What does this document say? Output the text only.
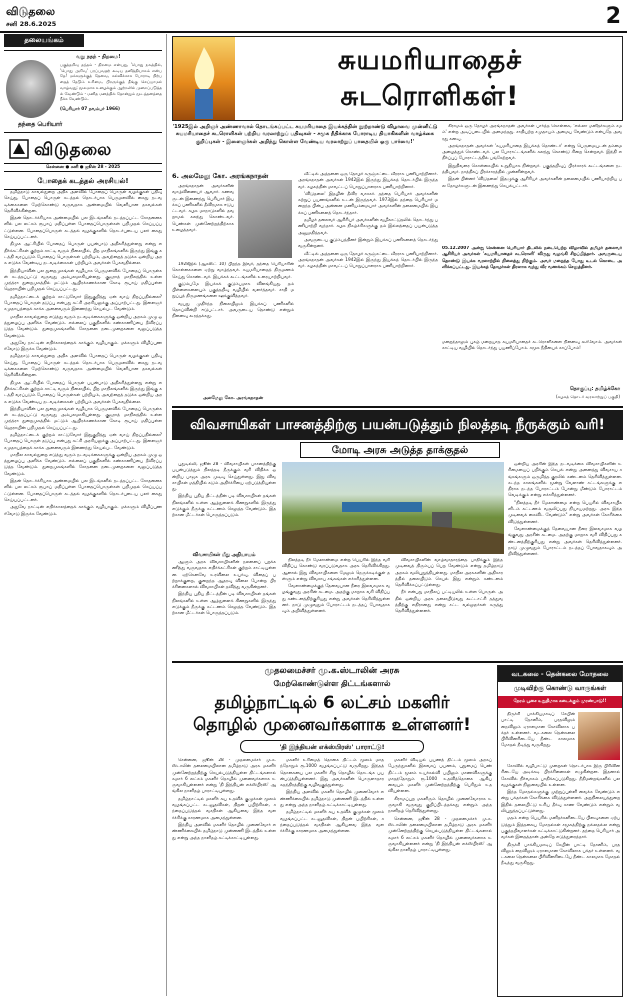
விடுதலை
சனி 28.6.2025	2
தலையங்கம்
வறு நதந் - திறமை!
பகுத்தறிவு தந்தம் - திறமை என்பது, 'பொது நலத்தில், 'பொது அறிவு' பரப்புவதற் கூடிய தனித்தியாகம் என்பதே! மக்களுக்குத் தேவை, கல்விக்காக போராடி நிற்பதைத் தேடும் உரிமை, பிறருக்குத் தீங்கு செய்யாமல் வாழ்வது; மூலமாக உழைக்கும் ஆற்றலில் முறைப்படுத்தல் வேண்டும் - மனித மனத்தில் தோன்றும் மூடத்தனத்தை நீக்க வேண்டும்.
(பெரியார் 07 நவம்பர் 1966)
தந்தை பெரியார்
விடுதலை
சென்னை ● சனி ● ஜூன் 28 - 2025
போதைக் கடத்தல் அரசியல்!

தமிழ்நாடு காவல்துறை அதிக அளவில் போதைப் பொருள் வழக்குகள் பதிவு செய்து, போதைப் பொருள் கடத்தல் தொடர்பாக பெருமளவில் கைது நடவடிக்கைகளை மேற்கொண்டு வருவதாக அண்மையில் வெளியான தகவல்கள் தெரிவிக்கின்றன.

இதன் தொடர்ச்சியாக அண்மையில் பல இடங்களில் நடத்தப்பட்ட சோதனைகளில் பல லட்சம் ரூபாய் மதிப்புள்ள போதைப்பொருள்கள் பறிமுதல் செய்யப்பட்டுள்ளன. போதைப்பொருள் கடத்தல் வழக்குகளில் தொடர்புடைய பலர் கைது செய்யப்பட்டனர்.

திமுக ஆட்சியில் போதைப் பொருள் பயன்பாடு அதிகரித்துள்ளது என்று எதிர்க்கட்சிகள் குற்றம் சாட்டி வரும் நிலையில், பிற மாநிலங்களில் இருந்து இங்கு கடத்தி வரப்படும் போதைப் பொருள்கள் பற்றியும், அவற்றைத் தடுக்க ஒன்றிய அரசு எடுக்க வேண்டிய நடவடிக்கைகள் பற்றியும் அவர்கள் பேசுவதில்லை.

இந்தியாவின் பல துறைமுகங்கள் வழியாக பெருமளவில் போதைப் பொருள்கள் கடத்தப்பட்டு வருவது அம்பலமாகியுள்ளது. குஜராத் மாநிலத்தில் உள்ள முந்த்ரா துறைமுகத்தில் மட்டும் ஆயிரக்கணக்கான கோடி ரூபாய் மதிப்புள்ள ஹெராயின் பறிமுதல் செய்யப்பட்டது.

தமிழ்நாட்டைக் குற்றம் சாட்டுவோர் இதுகுறித்து ஏன் வாய் திறப்பதில்லை? போதைப் பொருள் தடுப்பு என்பது கட்சி அரசியலுக்கு அப்பாற்பட்டது. இளைஞர் சமுதாயத்தைக் காக்க அனைவரும் இணைந்து செயல்பட வேண்டும்.

மாநில காவல்துறை எடுத்து வரும் நடவடிக்கைகளுக்கு ஒன்றிய அரசும் முழு ஒத்துழைப்பு அளிக்க வேண்டும். எல்லைப் பகுதிகளில் கண்காணிப்பை தீவிரப்படுத்த வேண்டும். துறைமுகங்களில் சோதனை நடைமுறைகளை வலுப்படுத்த வேண்டும்.

அதுவே நாட்டின் எதிர்காலத்தைக் காக்கும் வழியாகும். மக்களும் விழிப்புணர்வோடு இருக்க வேண்டும்.

தமிழ்நாடு காவல்துறை அதிக அளவில் போதைப் பொருள் வழக்குகள் பதிவு செய்து, போதைப் பொருள் கடத்தல் தொடர்பாக பெருமளவில் கைது நடவடிக்கைகளை மேற்கொண்டு வருவதாக அண்மையில் வெளியான தகவல்கள் தெரிவிக்கின்றன.

திமுக ஆட்சியில் போதைப் பொருள் பயன்பாடு அதிகரித்துள்ளது என்று எதிர்க்கட்சிகள் குற்றம் சாட்டி வரும் நிலையில், பிற மாநிலங்களில் இருந்து இங்கு கடத்தி வரப்படும் போதைப் பொருள்கள் பற்றியும், அவற்றைத் தடுக்க ஒன்றிய அரசு எடுக்க வேண்டிய நடவடிக்கைகள் பற்றியும் அவர்கள் பேசுவதில்லை.

இந்தியாவின் பல துறைமுகங்கள் வழியாக பெருமளவில் போதைப் பொருள்கள் கடத்தப்பட்டு வருவது அம்பலமாகியுள்ளது. குஜராத் மாநிலத்தில் உள்ள முந்த்ரா துறைமுகத்தில் மட்டும் ஆயிரக்கணக்கான கோடி ரூபாய் மதிப்புள்ள ஹெராயின் பறிமுதல் செய்யப்பட்டது.

தமிழ்நாட்டைக் குற்றம் சாட்டுவோர் இதுகுறித்து ஏன் வாய் திறப்பதில்லை? போதைப் பொருள் தடுப்பு என்பது கட்சி அரசியலுக்கு அப்பாற்பட்டது. இளைஞர் சமுதாயத்தைக் காக்க அனைவரும் இணைந்து செயல்பட வேண்டும்.

மாநில காவல்துறை எடுத்து வரும் நடவடிக்கைகளுக்கு ஒன்றிய அரசும் முழு ஒத்துழைப்பு அளிக்க வேண்டும். எல்லைப் பகுதிகளில் கண்காணிப்பை தீவிரப்படுத்த வேண்டும். துறைமுகங்களில் சோதனை நடைமுறைகளை வலுப்படுத்த வேண்டும்.

இதன் தொடர்ச்சியாக அண்மையில் பல இடங்களில் நடத்தப்பட்ட சோதனைகளில் பல லட்சம் ரூபாய் மதிப்புள்ள போதைப்பொருள்கள் பறிமுதல் செய்யப்பட்டுள்ளன. போதைப்பொருள் கடத்தல் வழக்குகளில் தொடர்புடைய பலர் கைது செய்யப்பட்டனர்.

அதுவே நாட்டின் எதிர்காலத்தைக் காக்கும் வழியாகும். மக்களும் விழிப்புணர்வோடு இருக்க வேண்டும்.

சுயமரியாதைச்
சுடரொளிகள்!
'1925இல் அறிஞர் அண்ணாவால் தொடங்கப்பட்ட சுயமரியாதை இயக்கத்தின் நூற்றாண்டு விழாவை முன்னிட்டு சுயமரியாதைச் சுடரொளிகள் பற்றிய வரலாற்றுப் பதிவுகள் - சமூக நீதிக்காக போராடிய தியாகிகளின் வாழ்க்கை குறிப்புகள் - இளைஞர்கள் அறிந்து கொள்ள வேண்டிய வரலாற்றுப் பாதையில் ஒரு பார்வை!'
6. அலமேலு கோ. அரங்கநாதன்

அரங்கநாதன் அவர்களின் வாழ்விணையர் ஆவார். கணவருடன் இணைந்து பெரியார் இயக்கப் பணிகளில் தீவிரமாக ஈடுபட்டவர். கழக மாநாடுகளில் தவறாமல் கலந்து கொண்டவர். பெண்கள் முன்னேற்றத்திற்காக உழைத்தவர்.

1928இல் (ஆகஸ்ட் 10) பிறந்த இவர், தந்தை பெரியாரின் கொள்கைகளை ஏற்று வாழ்ந்தவர். சுயமரியாதைத் திருமணம் செய்து கொண்டவர். இயக்கக் கூட்டங்களில் உரையாற்றியவர்.

குடும்பமே இயக்கக் குடும்பமாக விளங்கியது. தம் பிள்ளைகளையும் பகுத்தறிவு வழியில் வளர்த்தவர். சாதி மறுப்புத் திருமணங்களை ஊக்குவித்தவர்.

வயது முதிர்ந்த நிலையிலும் இயக்கப் பணிகளில் தொய்வின்றி ஈடுபட்டார். அவருடைய தொண்டு என்றும் நினைவு கூரத்தக்கது.

அலமேலு கோ. அரங்கநாதன்

வீட்டில் அத்தனை ஒரு தோழர் கருஞ்சட்டை வீரராக பணியாற்றினார். அரங்கநாதன் அவர்கள் 1942இல் இருந்து இயக்கத் தொடர்பில் இருந்தவர். கழகத்தின் மாவட்டப் பொறுப்பாளராக பணியாற்றினார்.

'விடுதலை' இதழின் தீவிர வாசகர். தந்தை பெரியார் அவர்களின் சுற்றுப் பயணங்களில் உடன் இருந்தவர். 1973இல் தந்தை பெரியார் மறைந்த பின்பு அன்னை மணியம்மையார் அவர்களின் தலைமையில் இயக்கப் பணிகளைத் தொடர்ந்தார்.

தமிழர் தலைவர் ஆசிரியர் அவர்களின் வழிகாட்டுதலில் தொடர்ந்து பணியாற்றி வந்தார். கழக நிகழ்ச்சிகளுக்கு தம் இல்லத்தைப் பயன்படுத்த அனுமதித்தவர்.

அவருடைய குடும்பத்தினர் இன்றும் இயக்கப் பணிகளைத் தொடர்ந்து வருகின்றனர்.

வீட்டில் அத்தனை ஒரு தோழர் கருஞ்சட்டை வீரராக பணியாற்றினார். அரங்கநாதன் அவர்கள் 1942இல் இருந்து இயக்கத் தொடர்பில் இருந்தவர். கழகத்தின் மாவட்டப் பொறுப்பாளராக பணியாற்றினார்.

கிராமம் ஒரு தோழர் அரங்கநாதன் அவர்கள் பார்த்த கொள்கை, 'எல்லா மனிதர்களும் சமம்' என்ற அடிப்படையில் அமைந்தது. சாதியற்ற சமுதாயம் அமைய வேண்டும் என்பதே அவரது கனவு.

அரங்கநாதன் அவர்கள் 'சுயமரியாதை இயக்கத் தொண்டர்' என்று பெருமையுடன் தம்மை அழைத்துக் கொண்டவர். பல போராட்டங்களில் கலந்து கொண்டு சிறை சென்றவர். இந்தி எதிர்ப்புப் போராட்டத்தில் பங்கேற்றவர்.

இறுதிவரை கொள்கையில் உறுதியாக நின்றவர். பகுத்தறிவுப் பிரச்சாரக் கூட்டங்களை நடத்தியவர். நாத்திகப் பிரச்சாரத்தில் முன்னின்றவர்.

இதன் பின்னர் 'விடுதலை' இதழுக்கு ஆசிரியர் அவர்களின் தலைமையில் பணியாற்றிய பல தோழர்களுடன் இணைந்து செயல்பட்டார்.

05.12.2007 அன்று சென்னை பெரியார் திடலில் நடைபெற்ற விழாவில் தமிழர் தலைவர் ஆசிரியர் அவர்கள் 'சுயமரியாதைச் சுடரொளி' விருது வழங்கி சிறப்பித்தார். அவருடைய தொண்டு இயக்க வரலாற்றில் நிலைத்து நிற்கும். அவர் மறைந்த போது உடல் கொடை அளிக்கப்பட்டது. இயக்கத் தோழர்கள் திரளாக வந்து வீர வணக்கம் செலுத்தினர்.
மறைந்தாலும் புகழ் மறையாத சுயமரியாதைச் சுடரொளிகளை நினைவு கூர்வோம். அவர்கள் காட்டிய வழியில் தொடர்ந்து பயணிப்போம். சமூக நீதியைக் காப்போம்!
தொகுப்பு: தமிழ்க்கோ
(கழகத் தொடர் வரலாற்றுப் பகுதி)
விவசாயிகள் பாசனத்திற்கு பயன்படுத்தும் நிலத்தடி நீருக்கும் வரி!
மோடி அரசு அடுத்த தாக்குதல்

புதுடில்லி, ஜூன் 28 - விவசாயிகள் பாசனத்திற்கு பயன்படுத்தும் நிலத்தடி நீருக்கும் வரி விதிக்க ஒன்றிய பாஜக அரசு முடிவு செய்துள்ளது. இது விவசாயிகள் மத்தியில் கடும் அதிர்ச்சியை ஏற்படுத்தியுள்ளது.

இந்திய புதிய திட்டத்தின் படி விவசாயிகள் தங்கள் நிலங்களில் உள்ள ஆழ்துளைக் கிணறுகளில் இருந்து எடுக்கும் நீருக்கு கட்டணம் செலுத்த வேண்டும். இதற்கான மீட்டர்கள் பொருத்தப்படும்.

விவசாயிகள் மீது அநியாயம்

ஆளும் அரசு விவசாயிகளின் நலனைப் புறக்கணித்து வருவதாக எதிர்க்கட்சிகள் குற்றம் சாட்டியுள்ளன. ஏற்கெனவே உரவிலை உயர்வு, விதைப் பற்றாக்குறை, குறைந்த ஆதரவு விலை போன்ற பிரச்சினைகளால் விவசாயிகள் தவித்து வருகின்றனர்.

இந்திய புதிய திட்டத்தின் படி விவசாயிகள் தங்கள் நிலங்களில் உள்ள ஆழ்துளைக் கிணறுகளில் இருந்து எடுக்கும் நீருக்கு கட்டணம் செலுத்த வேண்டும். இதற்கான மீட்டர்கள் பொருத்தப்படும்.

நிலத்தடி நீர் மேலாண்மை என்ற பெயரில் இந்த வரி விதிப்பு கொண்டு வரப்படுவதாக அரசு தெரிவிக்கிறது. ஆனால் இது விவசாயிகளை மேலும் நெருக்கடிக்குள் தள்ளும் என்று விவசாய சங்கங்கள் எச்சரித்துள்ளன.

வேளாண்மைக்குத் தேவையான நீரை இலவசமாக வழங்குவது அரசின் கடமை. அதற்கு மாறாக வரி விதிப்பது கண்டனத்திற்குரியது என்று அவர்கள் தெரிவித்துள்ளனர். நாடு முழுவதும் போராட்டம் நடத்தப் போவதாகவும் அறிவித்துள்ளனர்.

விவசாயிகளின் வாழ்வாதாரத்தை பாதிக்கும் இந்த முடிவைத் திரும்பப் பெற வேண்டும் என்று தமிழ்நாடு அரசும் வலியுறுத்தியுள்ளது. மாநில அரசுகளின் அதிகாரத்தில் தலையிடும் செயல் இது என்றும் கண்டனம் தெரிவிக்கப்பட்டுள்ளது.

நீர் என்பது மாநிலப் பட்டியலில் உள்ள பொருள். அதில் ஒன்றிய அரசு தலையிடுவது கூட்டாட்சி தத்துவத்திற்கு எதிரானது என்று சட்ட வல்லுநர்கள் கருத்து தெரிவித்துள்ளனர்.

ஒன்றிய அரசின் இந்த நடவடிக்கை விவசாயிகளின் உரிமையைப் பறிக்கும் செயல் என்று அனைத்து விவசாய சங்கங்களும் ஒருமித்த குரலில் கண்டனம் தெரிவித்துள்ளன. கடந்த காலங்களில் மூன்று வேளாண் சட்டங்களுக்கு எதிராக நடந்த போராட்டம் போன்று மீண்டும் போராட்டம் வெடிக்கும் என்று எச்சரித்துள்ளனர்.

"நிலத்தடி நீர் மேலாண்மை என்ற பெயரில் விவசாயிகளிடம் கட்டணம் வசூலிப்பது நியாயமற்றது. அரசு இந்த முடிவைக் கைவிட வேண்டும்" என்று அவர்கள் கோரிக்கை விடுத்துள்ளனர்.

வேளாண்மைக்குத் தேவையான நீரை இலவசமாக வழங்குவது அரசின் கடமை. அதற்கு மாறாக வரி விதிப்பது கண்டனத்திற்குரியது என்று அவர்கள் தெரிவித்துள்ளனர். நாடு முழுவதும் போராட்டம் நடத்தப் போவதாகவும் அறிவித்துள்ளனர்.

முதலமைச்சர் மு.க.ஸ்டாலின் அரசு
மேற்கொண்டுள்ள திட்டங்களால்
தமிழ்நாட்டில் 6 லட்சம் மகளிர்
தொழில் முனைவர்களாக உள்ளனர்!
'தி இந்தியன் எக்ஸ்பிரஸ்' பாராட்டு!

சென்னை, ஜூன் 28 - முதலமைச்சர் மு.க.ஸ்டாலின் தலைமையிலான தமிழ்நாடு அரசு மகளிர் முன்னேற்றத்திற்கு செயல்படுத்தியுள்ள திட்டங்களால் சுமார் 6 லட்சம் மகளிர் தொழில் முனைவர்களாக உருவாகியுள்ளனர் என்று 'தி இந்தியன் எக்ஸ்பிரஸ்' ஆங்கில நாளிதழ் பாராட்டியுள்ளது.

தமிழ்நாட்டில் மகளிர் சுய உதவிக் குழுக்கள் மூலம் வழங்கப்பட்ட கடனுதவிகள், திறன் பயிற்சிகள், சந்தைப்படுத்தல் வசதிகள் ஆகியவை இந்த வளர்ச்சிக்கு காரணமாக அமைந்துள்ளன.

இந்திய அளவில் மகளிர் தொழில் முனைவோர் எண்ணிக்கையில் தமிழ்நாடு முன்னணி இடத்தில் உள்ளது என்று அந்த நாளிதழ் சுட்டிக்காட்டியுள்ளது.

மகளிர் உரிமைத் தொகை திட்டம் மூலம் மாதந்தோறும் ரூ.1000 வழங்கப்பட்டு வருகிறது. இந்தத் தொகையை பல மகளிர் சிறு தொழில் தொடங்க பயன்படுத்தியுள்ளனர். இது அவர்களின் பொருளாதார சுதந்திரத்திற்கு வழிவகுத்துள்ளது.

இந்திய அளவில் மகளிர் தொழில் முனைவோர் எண்ணிக்கையில் தமிழ்நாடு முன்னணி இடத்தில் உள்ளது என்று அந்த நாளிதழ் சுட்டிக்காட்டியுள்ளது.

தமிழ்நாட்டில் மகளிர் சுய உதவிக் குழுக்கள் மூலம் வழங்கப்பட்ட கடனுதவிகள், திறன் பயிற்சிகள், சந்தைப்படுத்தல் வசதிகள் ஆகியவை இந்த வளர்ச்சிக்கு காரணமாக அமைந்துள்ளன.

மகளிர் விடியல் பயணத் திட்டம் மூலம் அரசுப் பேருந்துகளில் இலவசப் பயணம், புதுமைப் பெண் திட்டம் மூலம் உயர்கல்வி பயிலும் மாணவிகளுக்கு மாதந்தோறும் ரூ.1000 உதவித்தொகை ஆகியவையும் மகளிர் முன்னேற்றத்திற்கு பெரிதும் உதவியுள்ளன.

கிராமப்புற மகளிரும் தொழில் முனைவோராக உருவாகி வருவது குறிப்பிடத்தக்கது என்றும் அந்த நாளிதழ் தெரிவித்துள்ளது.

சென்னை, ஜூன் 28 - முதலமைச்சர் மு.க.ஸ்டாலின் தலைமையிலான தமிழ்நாடு அரசு மகளிர் முன்னேற்றத்திற்கு செயல்படுத்தியுள்ள திட்டங்களால் சுமார் 6 லட்சம் மகளிர் தொழில் முனைவர்களாக உருவாகியுள்ளனர் என்று 'தி இந்தியன் எக்ஸ்பிரஸ்' ஆங்கில நாளிதழ் பாராட்டியுள்ளது.

வடகலை - தென்கலை மோதலை
முடிவிற்கு கொண்டு வாருங்கள்
நேரம் பூசை உறுதிமாக கடைக்கும் முரண்பாடு!!

திருச்சி பாக்கியமாடிப் சேயின் பாட்டி தோனிம், பரதவிலும் நைவிலும் ஏராளமான கோவிலாக பக்தர் உள்ளனர். வடகலை தென்கலை பிரிவினரிடையே நீண்ட காலமாக மோதல் நீடித்து வருகிறது.

கோவில் வழிபாட்டு முறைகள் தொடர்பாக இரு பிரிவினரிடையே அடிக்கடி பிரச்சினைகள் எழுகின்றன. இதனால் கோவில் நிர்வாகம் பாதிக்கப்படுகிறது. நீதிமன்றங்களில் பல வழக்குகள் நிலுவையில் உள்ளன.

இந்த மோதல்களுக்கு முற்றுப்புள்ளி வைக்க வேண்டும் என்று பக்தர்கள் கோரிக்கை விடுத்துள்ளனர். அறநிலையத்துறை இதில் தலையிட்டு உரிய தீர்வு காண வேண்டும் என்றும் வலியுறுத்தப்பட்டுள்ளது.

மதம் என்ற பெயரில் மனிதர்களிடையே பிளவுகளை ஏற்படுத்தும் இத்தகைய மோதல்கள் சமூகத்திற்கு நல்லதல்ல என்று பகுத்தறிவாளர்கள் சுட்டிக்காட்டுகின்றனர். தந்தை பெரியார் அவர்கள் இதைத்தான் அன்றே எடுத்துரைத்தார்.

திருச்சி பாக்கியமாடிப் சேயின் பாட்டி தோனிம், பரதவிலும் நைவிலும் ஏராளமான கோவிலாக பக்தர் உள்ளனர். வடகலை தென்கலை பிரிவினரிடையே நீண்ட காலமாக மோதல் நீடித்து வருகிறது.
